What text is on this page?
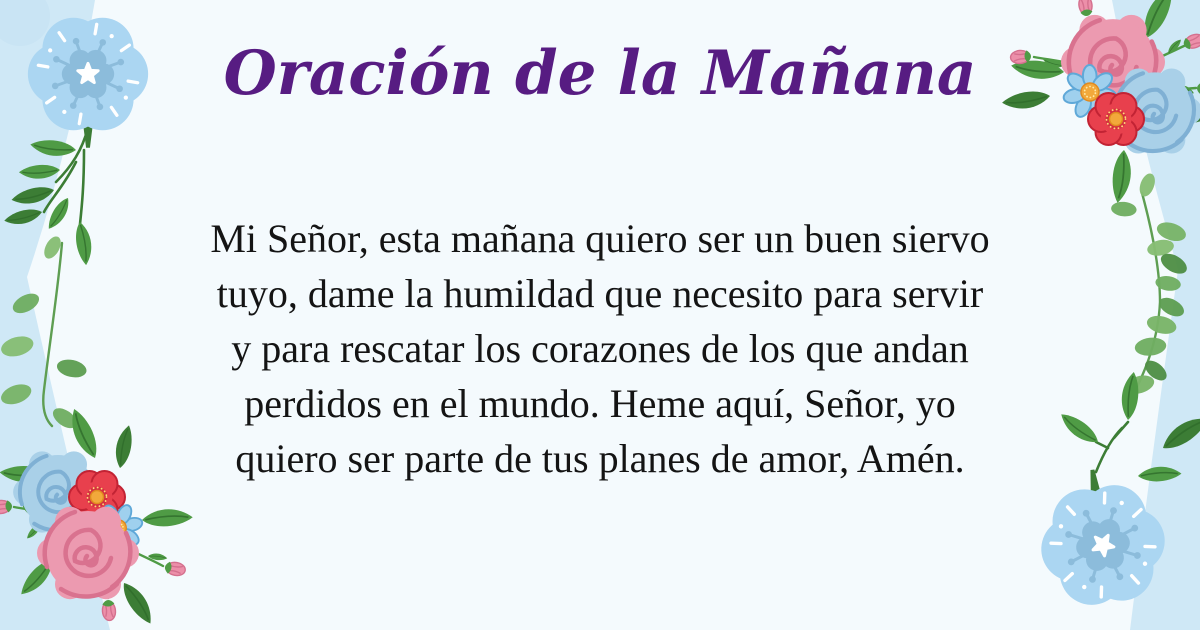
Oración de la Mañana
Mi Señor, esta mañana quiero ser un buen siervo
tuyo, dame la humildad que necesito para servir
y para rescatar los corazones de los que andan
perdidos en el mundo. Heme aquí, Señor, yo
quiero ser parte de tus planes de amor, Amén.
